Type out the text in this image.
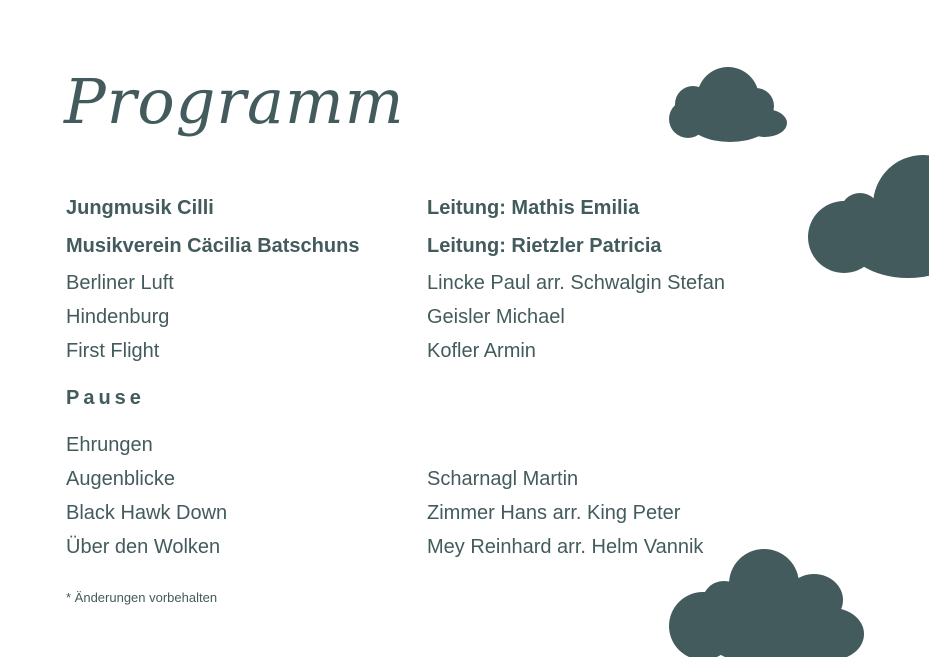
Programm
Jungmusik Cilli	Leitung: Mathis Emilia
Musikverein Cäcilia Batschuns	Leitung: Rietzler Patricia
Berliner Luft	Lincke Paul arr. Schwalgin Stefan
Hindenburg	Geisler Michael
First Flight	Kofler Armin
Pause
Ehrungen
Augenblicke	Scharnagl Martin
Black Hawk Down	Zimmer Hans arr. King Peter
Über den Wolken	Mey Reinhard arr. Helm Vannik
* Änderungen vorbehalten
